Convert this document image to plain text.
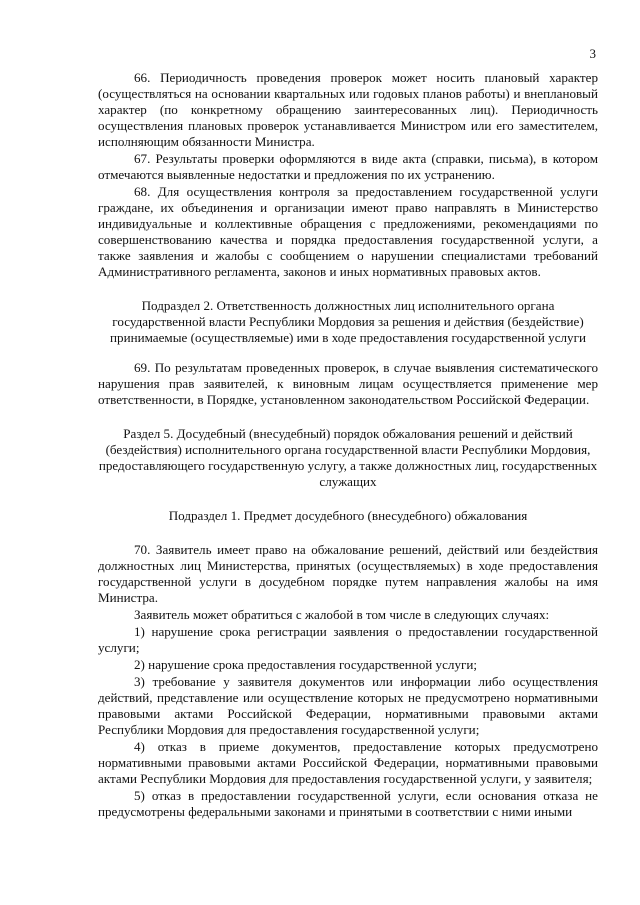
3

66. Периодичность проведения проверок может носить плановый характер (осуществляться на основании квартальных или годовых планов работы) и внеплановый характер (по конкретному обращению заинтересованных лиц). Периодичность осуществления плановых проверок устанавливается Министром или его заместителем, исполняющим обязанности Министра.

67. Результаты проверки оформляются в виде акта (справки, письма), в котором отмечаются выявленные недостатки и предложения по их устранению.

68. Для осуществления контроля за предоставлением государственной услуги граждане, их объединения и организации имеют право направлять в Министерство индивидуальные и коллективные обращения с предложениями, рекомендациями по совершенствованию качества и порядка предоставления государственной услуги, а также заявления и жалобы с сообщением о нарушении специалистами требований Административного регламента, законов и иных нормативных правовых актов.

Подраздел 2. Ответственность должностных лиц исполнительного органа государственной власти Республики Мордовия за решения и действия (бездействие) принимаемые (осуществляемые) ими в ходе предоставления государственной услуги

69. По результатам проведенных проверок, в случае выявления систематического нарушения прав заявителей, к виновным лицам осуществляется применение мер ответственности, в Порядке, установленном законодательством Российской Федерации.

Раздел 5. Досудебный (внесудебный) порядок обжалования решений и действий (бездействия) исполнительного органа государственной власти Республики Мордовия, предоставляющего государственную услугу, а также должностных лиц, государственных служащих

Подраздел 1. Предмет досудебного (внесудебного) обжалования

70. Заявитель имеет право на обжалование решений, действий или бездействия должностных лиц Министерства, принятых (осуществляемых) в ходе предоставления государственной услуги в досудебном порядке путем направления жалобы на имя Министра.

Заявитель может обратиться с жалобой в том числе в следующих случаях:

1) нарушение срока регистрации заявления о предоставлении государственной услуги;

2) нарушение срока предоставления государственной услуги;

3) требование у заявителя документов или информации либо осуществления действий, представление или осуществление которых не предусмотрено нормативными правовыми актами Российской Федерации, нормативными правовыми актами Республики Мордовия для предоставления государственной услуги;

4) отказ в приеме документов, предоставление которых предусмотрено нормативными правовыми актами Российской Федерации, нормативными правовыми актами Республики Мордовия для предоставления государственной услуги, у заявителя;

5) отказ в предоставлении государственной услуги, если основания отказа не предусмотрены федеральными законами и принятыми в соответствии с ними иными
